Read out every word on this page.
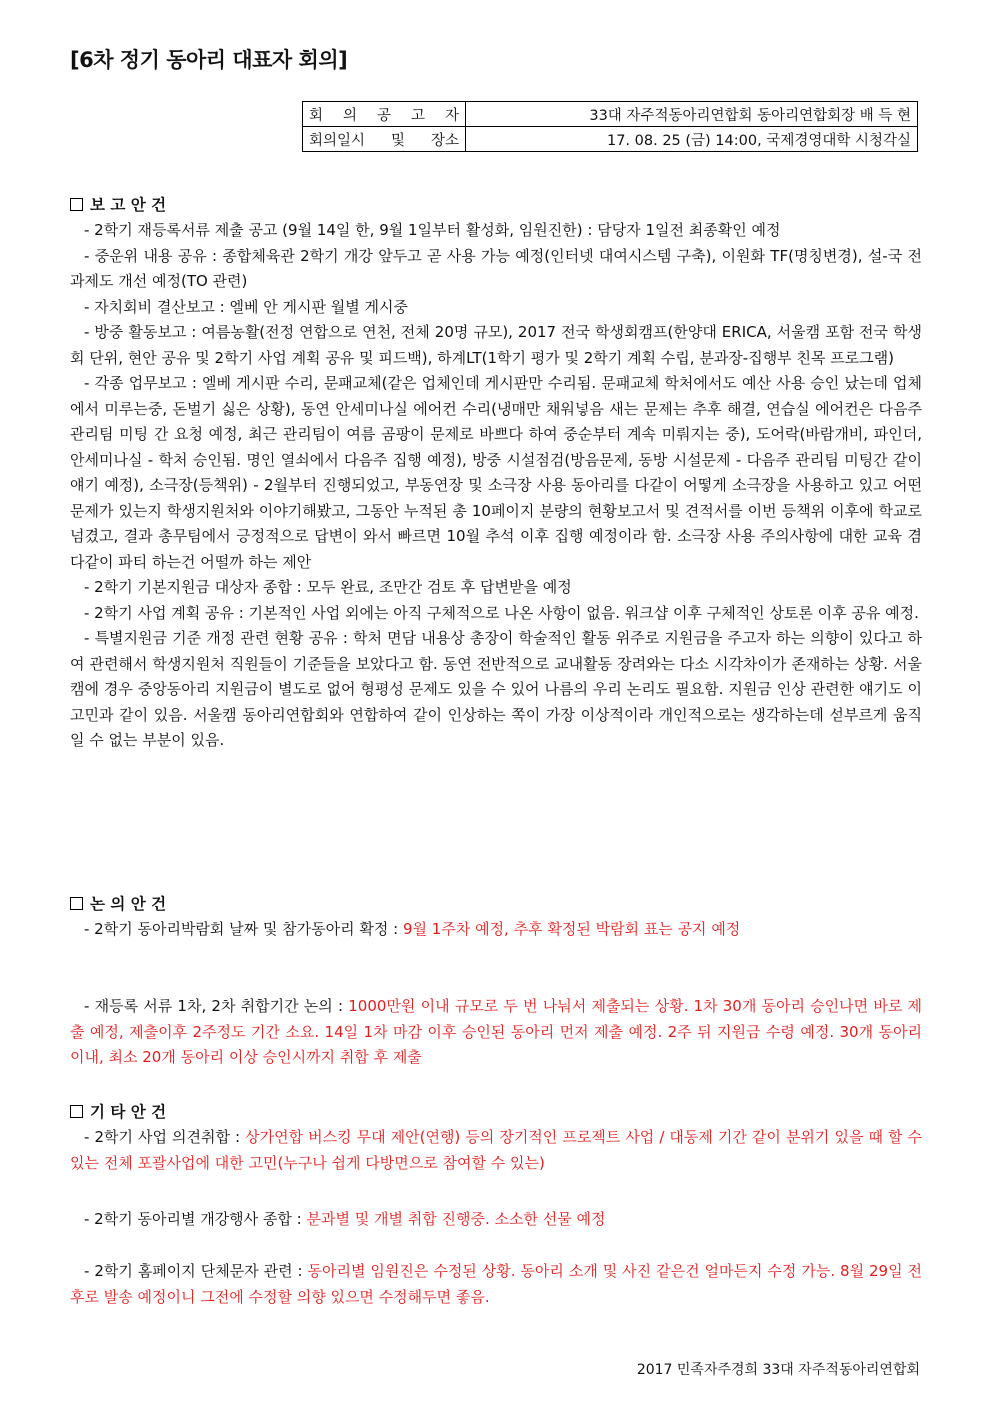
[6차 정기 동아리 대표자 회의]
회 의 공 고 자	33대 자주적동아리연합회 동아리연합회장 배 득 현

회의일시 및 장소	17. 08. 25 (금) 14:00, 국제경영대학 시청각실

보 고 안 건

- 2학기 재등록서류 제출 공고 (9월 14일 한, 9월 1일부터 활성화, 임원진한) : 담당자 1일전 최종확인 예정

- 중운위 내용 공유 : 종합체육관 2학기 개강 앞두고 곧 사용 가능 예정(인터넷 대여시스템 구축), 이원화 TF(명칭변경), 설-국 전과제도 개선 예정(TO 관련)

- 자치회비 결산보고 : 엘베 안 게시판 월별 게시중

- 방중 활동보고 : 여름농활(전정 연합으로 연천, 전체 20명 규모), 2017 전국 학생회캠프(한양대 ERICA, 서울캠 포함 전국 학생회 단위, 현안 공유 및 2학기 사업 계획 공유 및 피드백), 하계LT(1학기 평가 및 2학기 계획 수립, 분과장-집행부 친목 프로그램)

- 각종 업무보고 : 엘베 게시판 수리, 문패교체(같은 업체인데 게시판만 수리됨. 문패교체 학처에서도 예산 사용 승인 났는데 업체에서 미루는중, 돈벌기 싫은 상황), 동연 안세미나실 에어컨 수리(냉매만 채워넣음 새는 문제는 추후 해결, 연습실 에어컨은 다음주 관리팀 미팅 간 요청 예정, 최근 관리팀이 여름 곰팡이 문제로 바쁘다 하여 중순부터 계속 미뤄지는 중), 도어락(바람개비, 파인더, 안세미나실 - 학처 승인됨. 명인 열쇠에서 다음주 집행 예정), 방중 시설점검(방음문제, 동방 시설문제 - 다음주 관리팀 미팅간 같이 얘기 예정), 소극장(등책위) - 2월부터 진행되었고, 부동연장 및 소극장 사용 동아리를 다같이 어떻게 소극장을 사용하고 있고 어떤 문제가 있는지 학생지원처와 이야기해봤고, 그동안 누적된 총 10페이지 분량의 현황보고서 및 견적서를 이번 등책위 이후에 학교로 넘겼고, 결과 총무팀에서 긍정적으로 답변이 와서 빠르면 10월 추석 이후 집행 예정이라 함. 소극장 사용 주의사항에 대한 교육 겸 다같이 파티 하는건 어떨까 하는 제안

- 2학기 기본지원금 대상자 종합 : 모두 완료, 조만간 검토 후 답변받을 예정

- 2학기 사업 계획 공유 : 기본적인 사업 외에는 아직 구체적으로 나온 사항이 없음. 워크샵 이후 구체적인 상토론 이후 공유 예정.

- 특별지원금 기준 개정 관련 현황 공유 : 학처 면담 내용상 총장이 학술적인 활동 위주로 지원금을 주고자 하는 의향이 있다고 하여 관련해서 학생지원처 직원들이 기준들을 보았다고 함. 동연 전반적으로 교내활동 장려와는 다소 시각차이가 존재하는 상황. 서울캠에 경우 중앙동아리 지원금이 별도로 없어 형평성 문제도 있을 수 있어 나름의 우리 논리도 필요함. 지원금 인상 관련한 얘기도 이 고민과 같이 있음. 서울캠 동아리연합회와 연합하여 같이 인상하는 쪽이 가장 이상적이라 개인적으로는 생각하는데 섣부르게 움직일 수 없는 부분이 있음.

논 의 안 건

- 2학기 동아리박람회 날짜 및 참가동아리 확정 : 9월 1주차 예정, 추후 확정된 박람회 표는 공지 예정

- 재등록 서류 1차, 2차 취합기간 논의 : 1000만원 이내 규모로 두 번 나눠서 제출되는 상황. 1차 30개 동아리 승인나면 바로 제출 예정, 제출이후 2주정도 기간 소요. 14일 1차 마감 이후 승인된 동아리 먼저 제출 예정. 2주 뒤 지원금 수령 예정. 30개 동아리 이내, 최소 20개 동아리 이상 승인시까지 취합 후 제출

기 타 안 건

- 2학기 사업 의견취합 : 상가연합 버스킹 무대 제안(연행) 등의 장기적인 프로젝트 사업 / 대동제 기간 같이 분위기 있을 때 할 수 있는 전체 포괄사업에 대한 고민(누구나 쉽게 다방면으로 참여할 수 있는)

- 2학기 동아리별 개강행사 종합 : 분과별 및 개별 취합 진행중. 소소한 선물 예정

- 2학기 홈페이지 단체문자 관련 : 동아리별 임원진은 수정된 상황. 동아리 소개 및 사진 같은건 얼마든지 수정 가능. 8월 29일 전후로 발송 예정이니 그전에 수정할 의향 있으면 수정해두면 좋음.

2017 민족자주경희 33대 자주적동아리연합회
